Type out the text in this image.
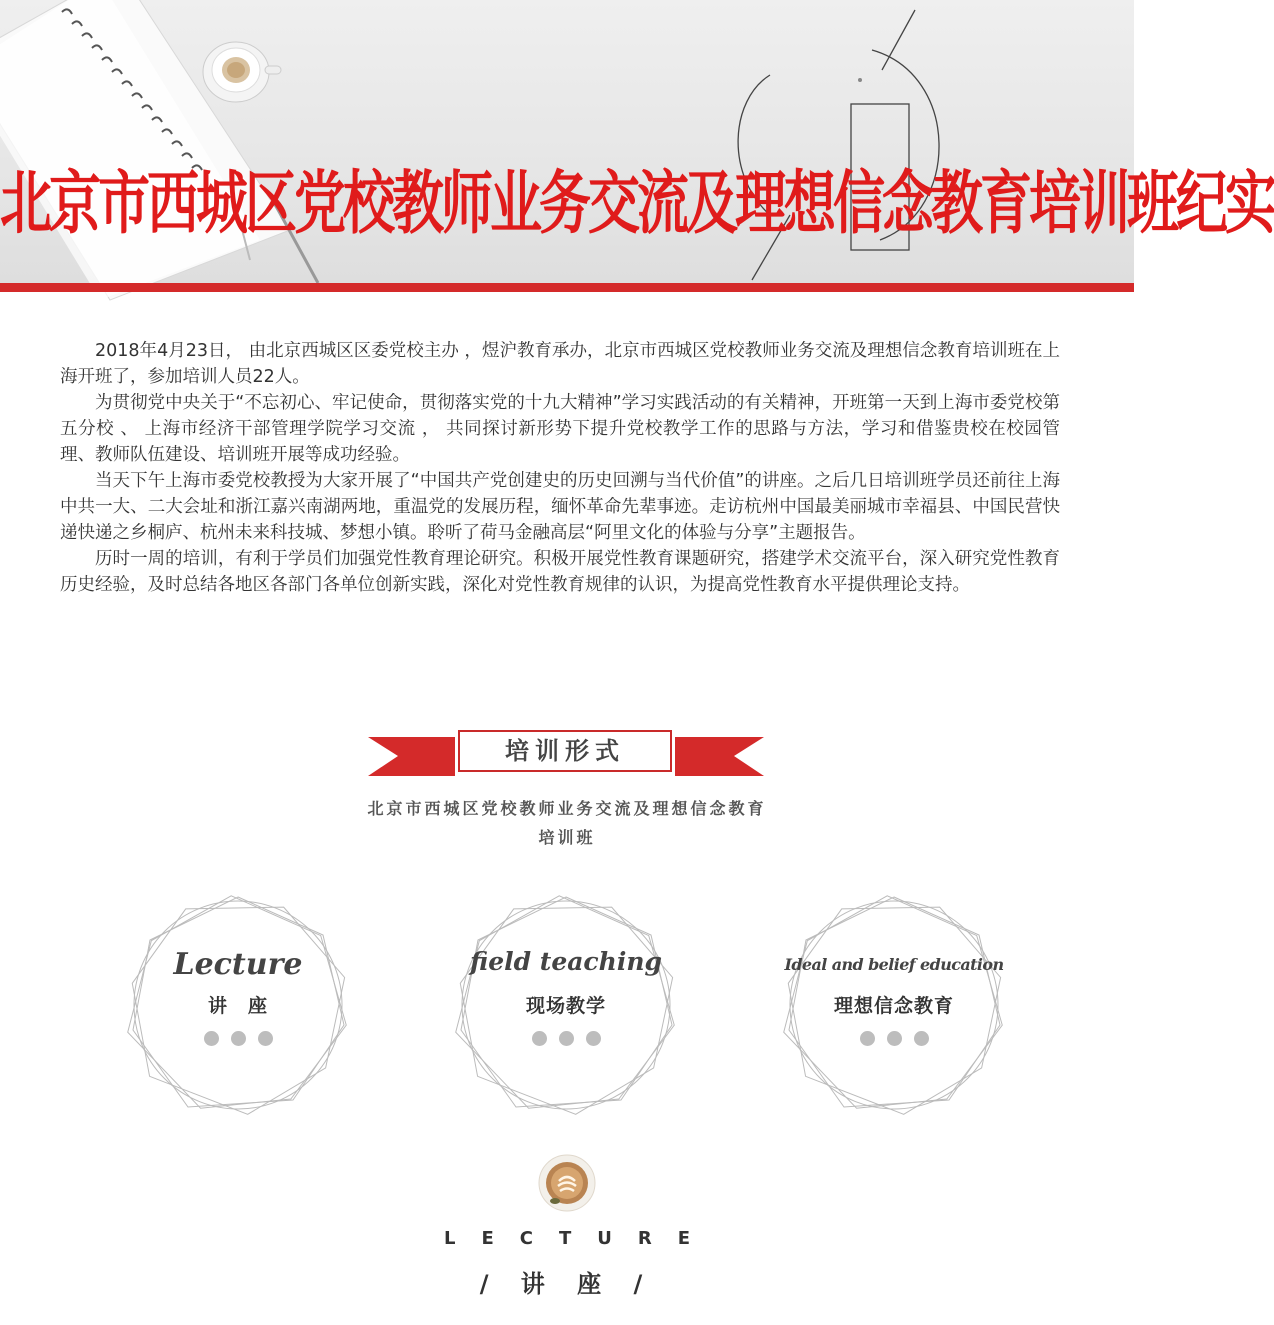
北京市西城区党校教师业务交流及理想信念教育培训班纪实

2018年4月23日， 由北京西城区区委党校主办 ，煜沪教育承办，北京市西城区党校教师业务交流及理想信念教育培训班在上海开班了，参加培训人员22人。

为贯彻党中央关于“不忘初心、牢记使命，贯彻落实党的十九大精神”学习实践活动的有关精神，开班第一天到上海市委党校第五分校 、 上海市经济干部管理学院学习交流 ， 共同探讨新形势下提升党校教学工作的思路与方法，学习和借鉴贵校在校园管理、教师队伍建设、培训班开展等成功经验。

当天下午上海市委党校教授为大家开展了“中国共产党创建史的历史回溯与当代价值”的讲座。之后几日培训班学员还前往上海中共一大、二大会址和浙江嘉兴南湖两地，重温党的发展历程，缅怀革命先辈事迹。走访杭州中国最美丽城市幸福县、中国民营快递快递之乡桐庐、杭州未来科技城、梦想小镇。聆听了荷马金融高层“阿里文化的体验与分享”主题报告。

历时一周的培训，有利于学员们加强党性教育理论研究。积极开展党性教育课题研究，搭建学术交流平台，深入研究党性教育历史经验，及时总结各地区各部门各单位创新实践，深化对党性教育规律的认识，为提高党性教育水平提供理论支持。

培训形式
北京市西城区党校教师业务交流及理想信念教育
培训班
Lecture
讲　座
field teaching
现场教学
Ideal and belief education
理想信念教育
LECTURE
/ 讲 座 /
